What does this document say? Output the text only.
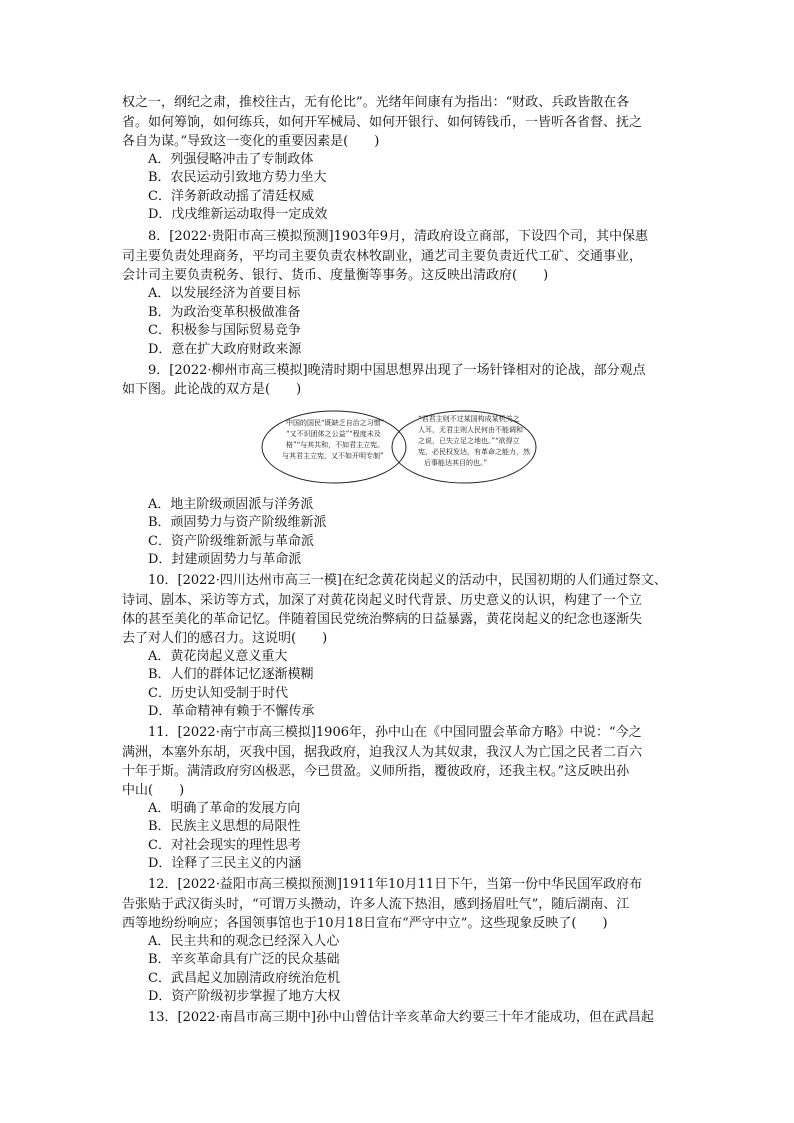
权之一，纲纪之肃，推校往古，无有伦比”。光绪年间康有为指出：“财政、兵政皆散在各
省。如何筹饷，如何练兵，如何开军械局、如何开银行、如何铸钱币，一皆听各省督、抚之
各自为谋。”导致这一变化的重要因素是(　　)
A．列强侵略冲击了专制政体
B．农民运动引致地方势力坐大
C．洋务新政动摇了清廷权威
D．戊戌维新运动取得一定成效
8．[2022·贵阳市高三模拟预测]1903年9月，清政府设立商部，下设四个司，其中保惠
司主要负责处理商务，平均司主要负责农林牧副业，通艺司主要负责近代工矿、交通事业，
会计司主要负责税务、银行、货币、度量衡等事务。这反映出清政府(　　)
A．以发展经济为首要目标
B．为政治变革积极做准备
C．积极参与国际贸易竞争
D．意在扩大政府财政来源
9．[2022·柳州市高三模拟]晚清时期中国思想界出现了一场针锋相对的论战，部分观点
如下图。此论战的双方是(　　)
中国的国民“既缺乏自治之习惯”
“又不识团体之公益”“程度未及
格”“与其共和，不如君主立宪。
与其君主立宪，又不如开明专制”
“君君主则不过某国构成某机关之
人耳，无君主则人民何由不能调和
之说，已失立足之地也。”“欲得立
宪，必民权发达，有革命之能力，然
后事能达其目的也。”
A．地主阶级顽固派与洋务派
B．顽固势力与资产阶级维新派
C．资产阶级维新派与革命派
D．封建顽固势力与革命派
10．[2022·四川达州市高三一模]在纪念黄花岗起义的活动中，民国初期的人们通过祭文、
诗词、剧本、采访等方式，加深了对黄花岗起义时代背景、历史意义的认识，构建了一个立
体的甚至美化的革命记忆。伴随着国民党统治弊病的日益暴露，黄花岗起义的纪念也逐渐失
去了对人们的感召力。这说明(　　)
A．黄花岗起义意义重大
B．人们的群体记忆逐渐模糊
C．历史认知受制于时代
D．革命精神有赖于不懈传承
11．[2022·南宁市高三模拟]1906年，孙中山在《中国同盟会革命方略》中说：“今之
满洲，本塞外东胡，灭我中国，据我政府，迫我汉人为其奴隶，我汉人为亡国之民者二百六
十年于斯。满清政府穷凶极恶，今已贯盈。义师所指，覆彼政府，还我主权。”这反映出孙
中山(　　)
A．明确了革命的发展方向
B．民族主义思想的局限性
C．对社会现实的理性思考
D．诠释了三民主义的内涵
12．[2022·益阳市高三模拟预测]1911年10月11日下午，当第一份中华民国军政府布
告张贴于武汉街头时，“可谓万头攒动，许多人流下热泪，感到扬眉吐气”，随后湖南、江
西等地纷纷响应；各国领事馆也于10月18日宣布“严守中立”。这些现象反映了(　　)
A．民主共和的观念已经深入人心
B．辛亥革命具有广泛的民众基础
C．武昌起义加剧清政府统治危机
D．资产阶级初步掌握了地方大权
13．[2022·南昌市高三期中]孙中山曾估计辛亥革命大约要三十年才能成功，但在武昌起
